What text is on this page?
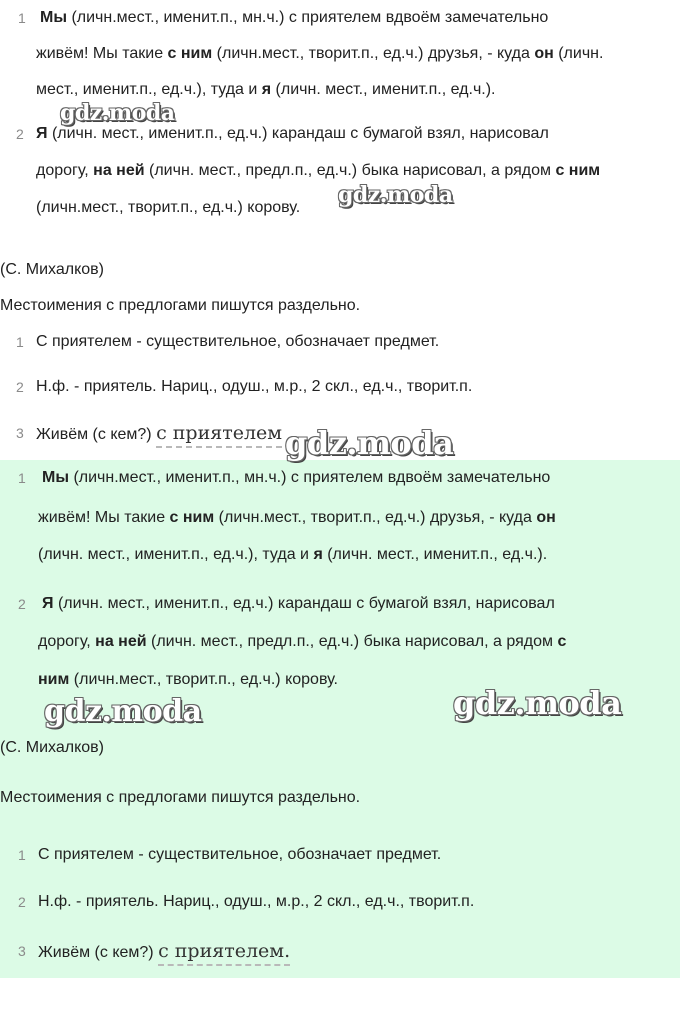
1 Мы (личн.мест., именит.п., мн.ч.) с приятелем вдвоём замечательно
живём! Мы такие с ним (личн.мест., творит.п., ед.ч.) друзья, - куда он (личн.
мест., именит.п., ед.ч.), туда и я (личн. мест., именит.п., ед.ч.).
2 Я (личн. мест., именит.п., ед.ч.) карандаш с бумагой взял, нарисовал
дорогу, на ней (личн. мест., предл.п., ед.ч.) быка нарисовал, а рядом с ним
(личн.мест., творит.п., ед.ч.) корову.
(С. Михалков)
Местоимения с предлогами пишутся раздельно.
1 С приятелем - существительное, обозначает предмет.
2 Н.ф. - приятель. Нариц., одуш., м.р., 2 скл., ед.ч., творит.п.
3 Живём (с кем?) с приятелем
1 Мы (личн.мест., именит.п., мн.ч.) с приятелем вдвоём замечательно
живём! Мы такие с ним (личн.мест., творит.п., ед.ч.) друзья, - куда он
(личн. мест., именит.п., ед.ч.), туда и я (личн. мест., именит.п., ед.ч.).
2 Я (личн. мест., именит.п., ед.ч.) карандаш с бумагой взял, нарисовал
дорогу, на ней (личн. мест., предл.п., ед.ч.) быка нарисовал, а рядом с
ним (личн.мест., творит.п., ед.ч.) корову.
(С. Михалков)
Местоимения с предлогами пишутся раздельно.
1 С приятелем - существительное, обозначает предмет.
2 Н.ф. - приятель. Нариц., одуш., м.р., 2 скл., ед.ч., творит.п.
3 Живём (с кем?) с приятелем.
gdz.moda
gdz.moda
gdz.moda
gdz.moda
gdz.moda
